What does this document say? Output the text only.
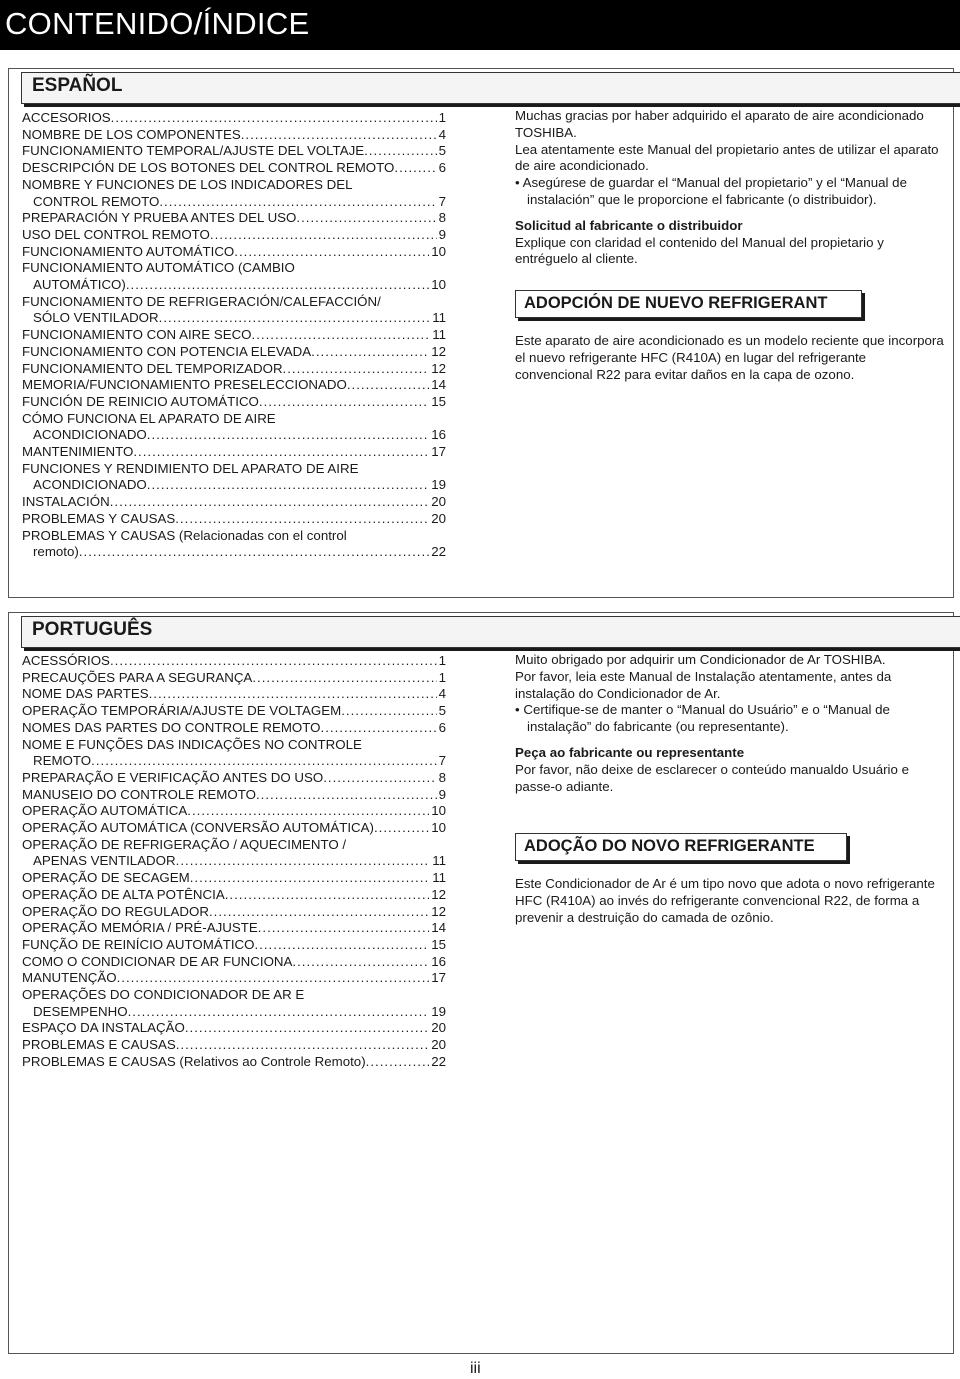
CONTENIDO/ÍNDICE
ESPAÑOL
ACCESORIOS .....	1
NOMBRE DE LOS COMPONENTES .....	4
FUNCIONAMIENTO TEMPORAL/AJUSTE DEL VOLTAJE .....	5
DESCRIPCIÓN DE LOS BOTONES DEL CONTROL REMOTO .....	6
NOMBRE Y FUNCIONES DE LOS INDICADORES DEL
CONTROL REMOTO .....	7
PREPARACIÓN Y PRUEBA ANTES DEL USO .....	8
USO DEL CONTROL REMOTO .....	9
FUNCIONAMIENTO AUTOMÁTICO .....	10
FUNCIONAMIENTO AUTOMÁTICO (CAMBIO
AUTOMÁTICO) .....	10
FUNCIONAMIENTO DE REFRIGERACIÓN/CALEFACCIÓN/
SÓLO VENTILADOR .....	11
FUNCIONAMIENTO CON AIRE SECO .....	11
FUNCIONAMIENTO CON POTENCIA ELEVADA .....	12
FUNCIONAMIENTO DEL TEMPORIZADOR .....	12
MEMORIA/FUNCIONAMIENTO PRESELECCIONADO .....	14
FUNCIÓN DE REINICIO AUTOMÁTICO .....	15
CÓMO FUNCIONA EL APARATO DE AIRE
ACONDICIONADO .....	16
MANTENIMIENTO .....	17
FUNCIONES Y RENDIMIENTO DEL APARATO DE AIRE
ACONDICIONADO .....	19
INSTALACIÓN .....	20
PROBLEMAS Y CAUSAS .....	20
PROBLEMAS Y CAUSAS (Relacionadas con el control
remoto) .....	22

Muchas gracias por haber adquirido el aparato de aire acondicionado TOSHIBA.

Lea atentamente este Manual del propietario antes de utilizar el aparato de aire acondicionado.

• Asegúrese de guardar el “Manual del propietario” y el “Manual de instalación” que le proporcione el fabricante (o distribuidor).

Solicitud al fabricante o distribuidor

Explique con claridad el contenido del Manual del propietario y entréguelo al cliente.

ADOPCIÓN DE NUEVO REFRIGERANT

Este aparato de aire acondicionado es un modelo reciente que incorpora el nuevo refrigerante HFC (R410A) en lugar del refrigerante convencional R22 para evitar daños en la capa de ozono.

PORTUGUÊS
ACESSÓRIOS .....	1
PRECAUÇÕES PARA A SEGURANÇA .....	1
NOME DAS PARTES .....	4
OPERAÇÃO TEMPORÁRIA/AJUSTE DE VOLTAGEM .....	5
NOMES DAS PARTES DO CONTROLE REMOTO .....	6
NOME E FUNÇÕES DAS INDICAÇÕES NO CONTROLE
REMOTO .....	7
PREPARAÇÃO E VERIFICAÇÃO ANTES DO USO .....	8
MANUSEIO DO CONTROLE REMOTO .....	9
OPERAÇÃO AUTOMÁTICA .....	10
OPERAÇÃO AUTOMÁTICA (CONVERSÃO AUTOMÁTICA) .....	10
OPERAÇÃO DE REFRIGERAÇÃO / AQUECIMENTO /
APENAS VENTILADOR .....	11
OPERAÇÃO DE SECAGEM .....	11
OPERAÇÃO DE ALTA POTÊNCIA .....	12
OPERAÇÃO DO REGULADOR .....	12
OPERAÇÃO MEMÓRIA / PRÉ-AJUSTE .....	14
FUNÇÃO DE REINÍCIO AUTOMÁTICO .....	15
COMO O CONDICIONAR DE AR FUNCIONA .....	16
MANUTENÇÃO .....	17
OPERAÇÕES DO CONDICIONADOR DE AR E
DESEMPENHO .....	19
ESPAÇO DA INSTALAÇÃO .....	20
PROBLEMAS E CAUSAS .....	20
PROBLEMAS E CAUSAS (Relativos ao Controle Remoto) .....	22

Muito obrigado por adquirir um Condicionador de Ar TOSHIBA.

Por favor, leia este Manual de Instalação atentamente, antes da instalação do Condicionador de Ar.

• Certifique-se de manter o “Manual do Usuário” e o “Manual de instalação” do fabricante (ou representante).

Peça ao fabricante ou representante

Por favor, não deixe de esclarecer o conteúdo manualdo Usuário e passe-o adiante.

ADOÇÃO DO NOVO REFRIGERANTE

Este Condicionador de Ar é um tipo novo que adota o novo refrigerante HFC (R410A) ao invés do refrigerante convencional R22, de forma a prevenir a destruição do camada de ozônio.

iii
